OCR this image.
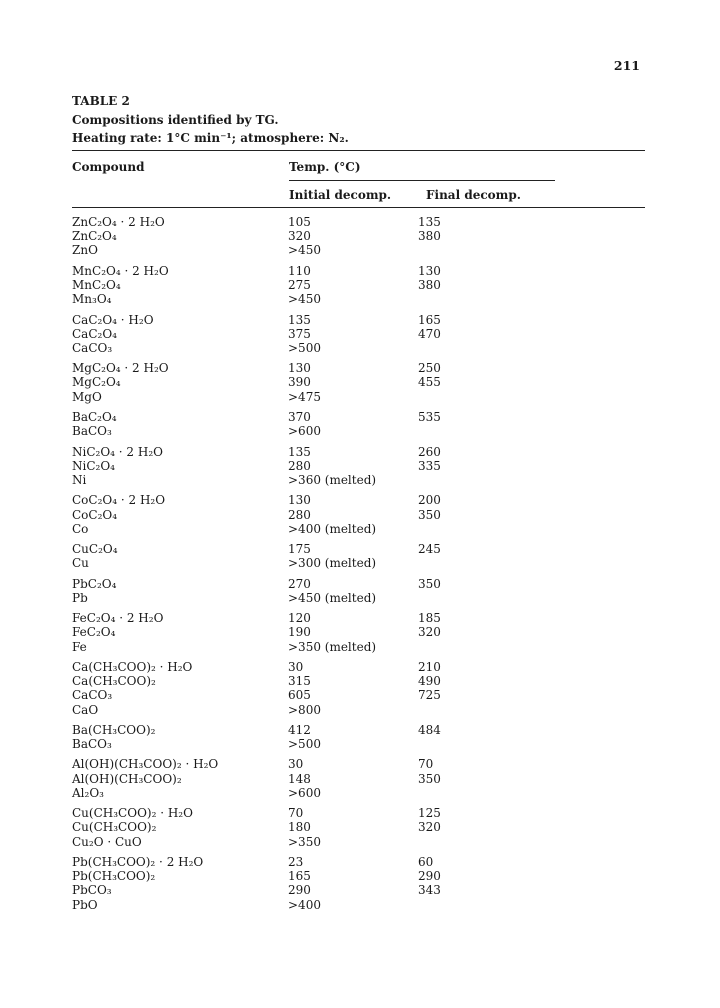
211
TABLE 2
Compositions identified by TG.
Heating rate: 1°C min⁻¹; atmosphere: N₂.
Compound	Temp. (°C)
Initial decomp.	Final decomp.
ZnC₂O₄ · 2 H₂O	105	135
ZnC₂O₄	320	380
ZnO	>450
MnC₂O₄ · 2 H₂O	110	130
MnC₂O₄	275	380
Mn₃O₄	>450
CaC₂O₄ · H₂O	135	165
CaC₂O₄	375	470
CaCO₃	>500
MgC₂O₄ · 2 H₂O	130	250
MgC₂O₄	390	455
MgO	>475
BaC₂O₄	370	535
BaCO₃	>600
NiC₂O₄ · 2 H₂O	135	260
NiC₂O₄	280	335
Ni	>360 (melted)
CoC₂O₄ · 2 H₂O	130	200
CoC₂O₄	280	350
Co	>400 (melted)
CuC₂O₄	175	245
Cu	>300 (melted)
PbC₂O₄	270	350
Pb	>450 (melted)
FeC₂O₄ · 2 H₂O	120	185
FeC₂O₄	190	320
Fe	>350 (melted)
Ca(CH₃COO)₂ · H₂O	30	210
Ca(CH₃COO)₂	315	490
CaCO₃	605	725
CaO	>800
Ba(CH₃COO)₂	412	484
BaCO₃	>500
Al(OH)(CH₃COO)₂ · H₂O	30	70
Al(OH)(CH₃COO)₂	148	350
Al₂O₃	>600
Cu(CH₃COO)₂ · H₂O	70	125
Cu(CH₃COO)₂	180	320
Cu₂O · CuO	>350
Pb(CH₃COO)₂ · 2 H₂O	23	60
Pb(CH₃COO)₂	165	290
PbCO₃	290	343
PbO	>400
